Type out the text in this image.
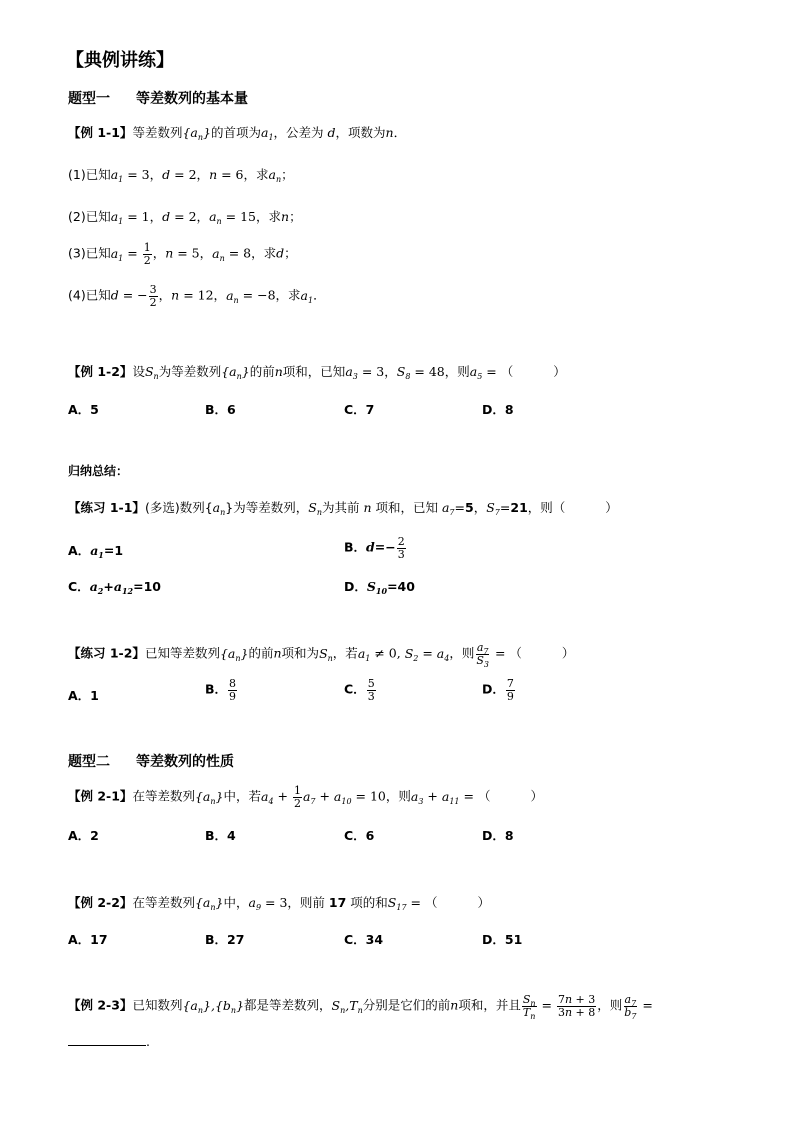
【典例讲练】
题型一 等差数列的基本量
【例 1-1】等差数列$\{a_n\}$的首项为$a_1$，公差为 d，项数为n．
(1)已知$a_1 = 3$，d = 2，n = 6，求$a_n$；
(2)已知$a_1 = 1$，d = 2，$a_n = 15$，求n；
(3)已知$a_1 = \frac{1}{2}$ ，n = 5，$a_n = 8$，求d；
(4)已知d = − $\frac{3}{2}$ ，n = 12，$a_n = -8$，求$a_1$．
【例 1-2】设$S_n$为等差数列$\{a_n\}$的前n项和，已知$a_3 = 3$，$S_8 = 48$，则$a_5$ = （	）
A．5	B．6	C．7	D．8
归纳总结：
【练习 1-1】(多选)数列$\{a_n\}$为等差数列，$S_n$为其前 n 项和，已知 $a_7=5$，$S_7=21$，则（	）
A．$a_1=1$	B．$d=- \frac{2}{3}$
C．$a_2+a_{12}=10$	D．$S_{10}=40$
【练习 1-2】已知等差数列$\{a_n\}$的前n项和为$S_n$，若$a_1 \ne 0$, $S_2 = a_4$，则 $\frac{a_7}{S_3}$ = （	）
A．1	B． $\frac{8}{9}$	C． $\frac{5}{3}$	D． $\frac{7}{9}$
题型二 等差数列的性质
【例 2-1】在等差数列$\{a_n\}$中，若$a_4 + \frac{1}{2} a_7 + a_{10} = 10$，则$a_3 + a_{11}$ = （	）
A．2	B．4	C．6	D．8
【例 2-2】在等差数列$\{a_n\}$中，$a_9 = 3$，则前 17 项的和$S_{17}$ = （	）
A．17	B．27	C．34	D．51
【例 2-3】已知数列$\{a_n\},\{b_n\}$都是等差数列，$S_n,T_n$分别是它们的前n项和，并且 $\frac{S_n}{T_n} = \frac{7n + 3}{3n + 8}$ ，则 $\frac{a_7}{b_7}$ =
.
